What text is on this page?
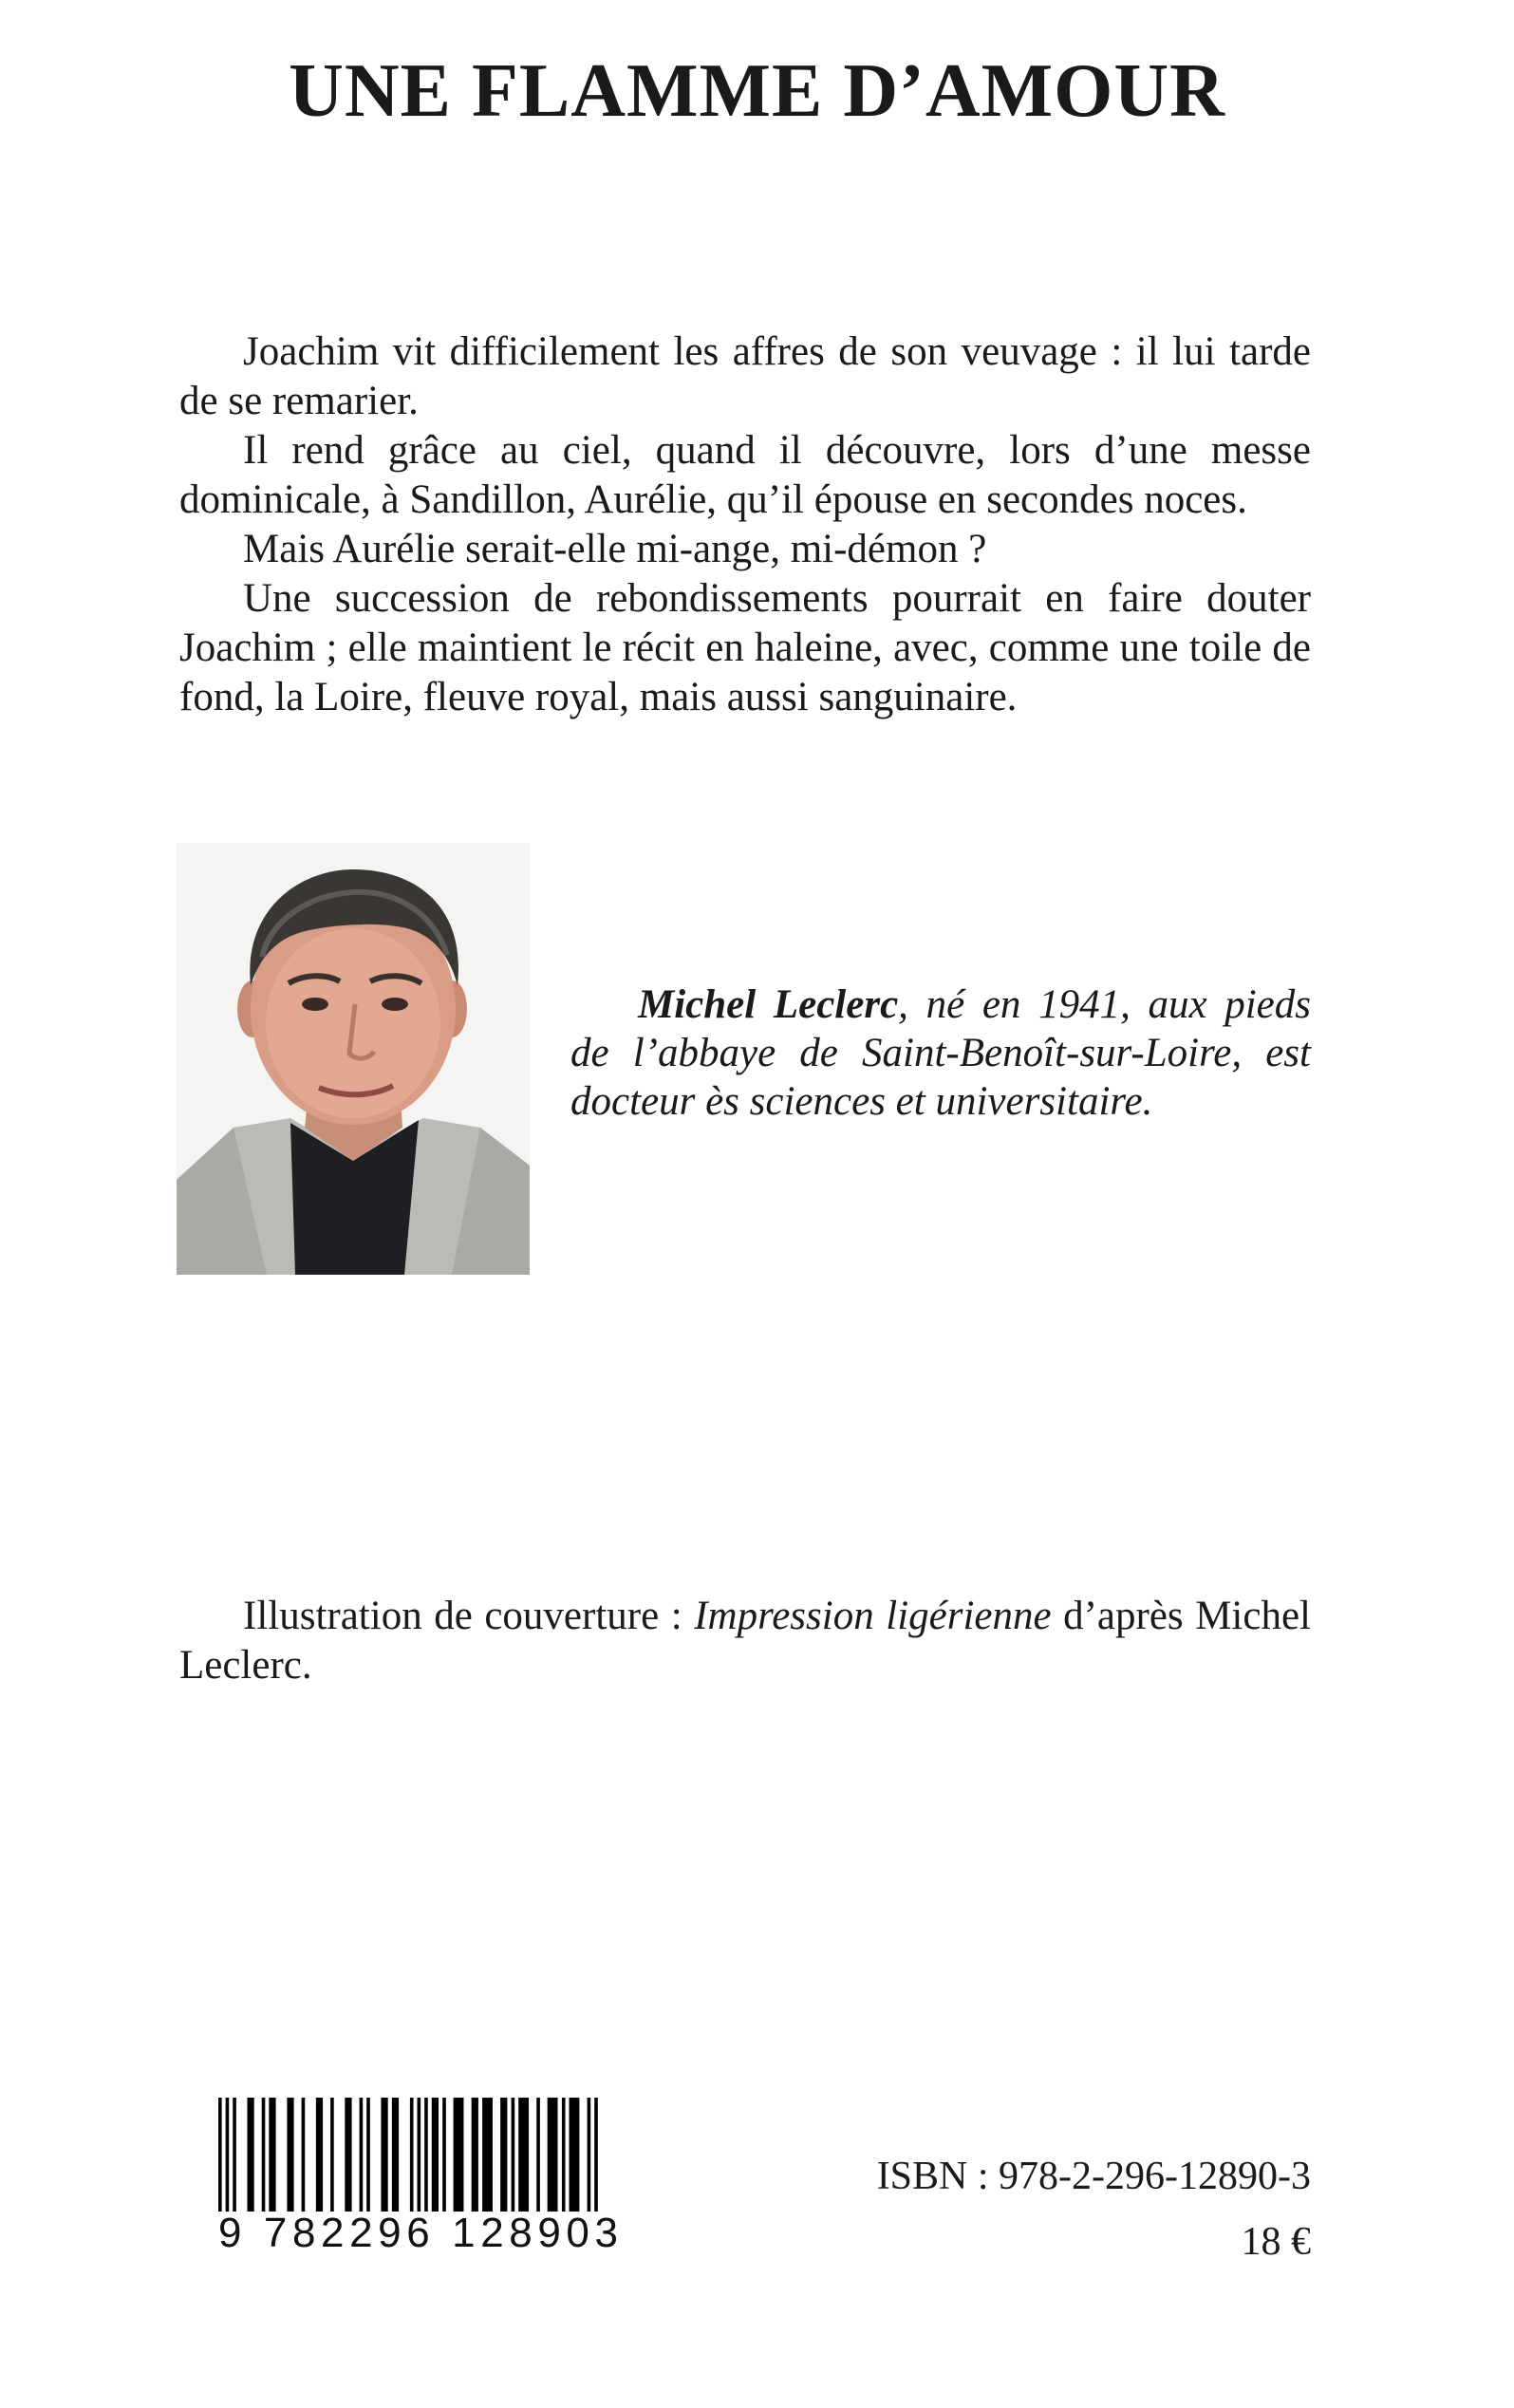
UNE FLAMME D’AMOUR

Joachim vit difficilement les affres de son veuvage : il lui tarde de se remarier.

Il rend grâce au ciel, quand il découvre, lors d’une messe dominicale, à Sandillon, Aurélie, qu’il épouse en secondes noces.

Mais Aurélie serait-elle mi-ange, mi-démon ?

Une succession de rebondissements pourrait en faire douter Joachim ; elle maintient le récit en haleine, avec, comme une toile de fond, la Loire, fleuve royal, mais aussi sanguinaire.

Michel Leclerc, né en 1941, aux pieds de l’abbaye de Saint-Benoît-sur-Loire, est docteur ès sciences et universitaire.

Illustration de couverture : Impression ligérienne d’après Michel Leclerc.

9 782296 128903

ISBN : 978-2-296-12890-3

18 €
